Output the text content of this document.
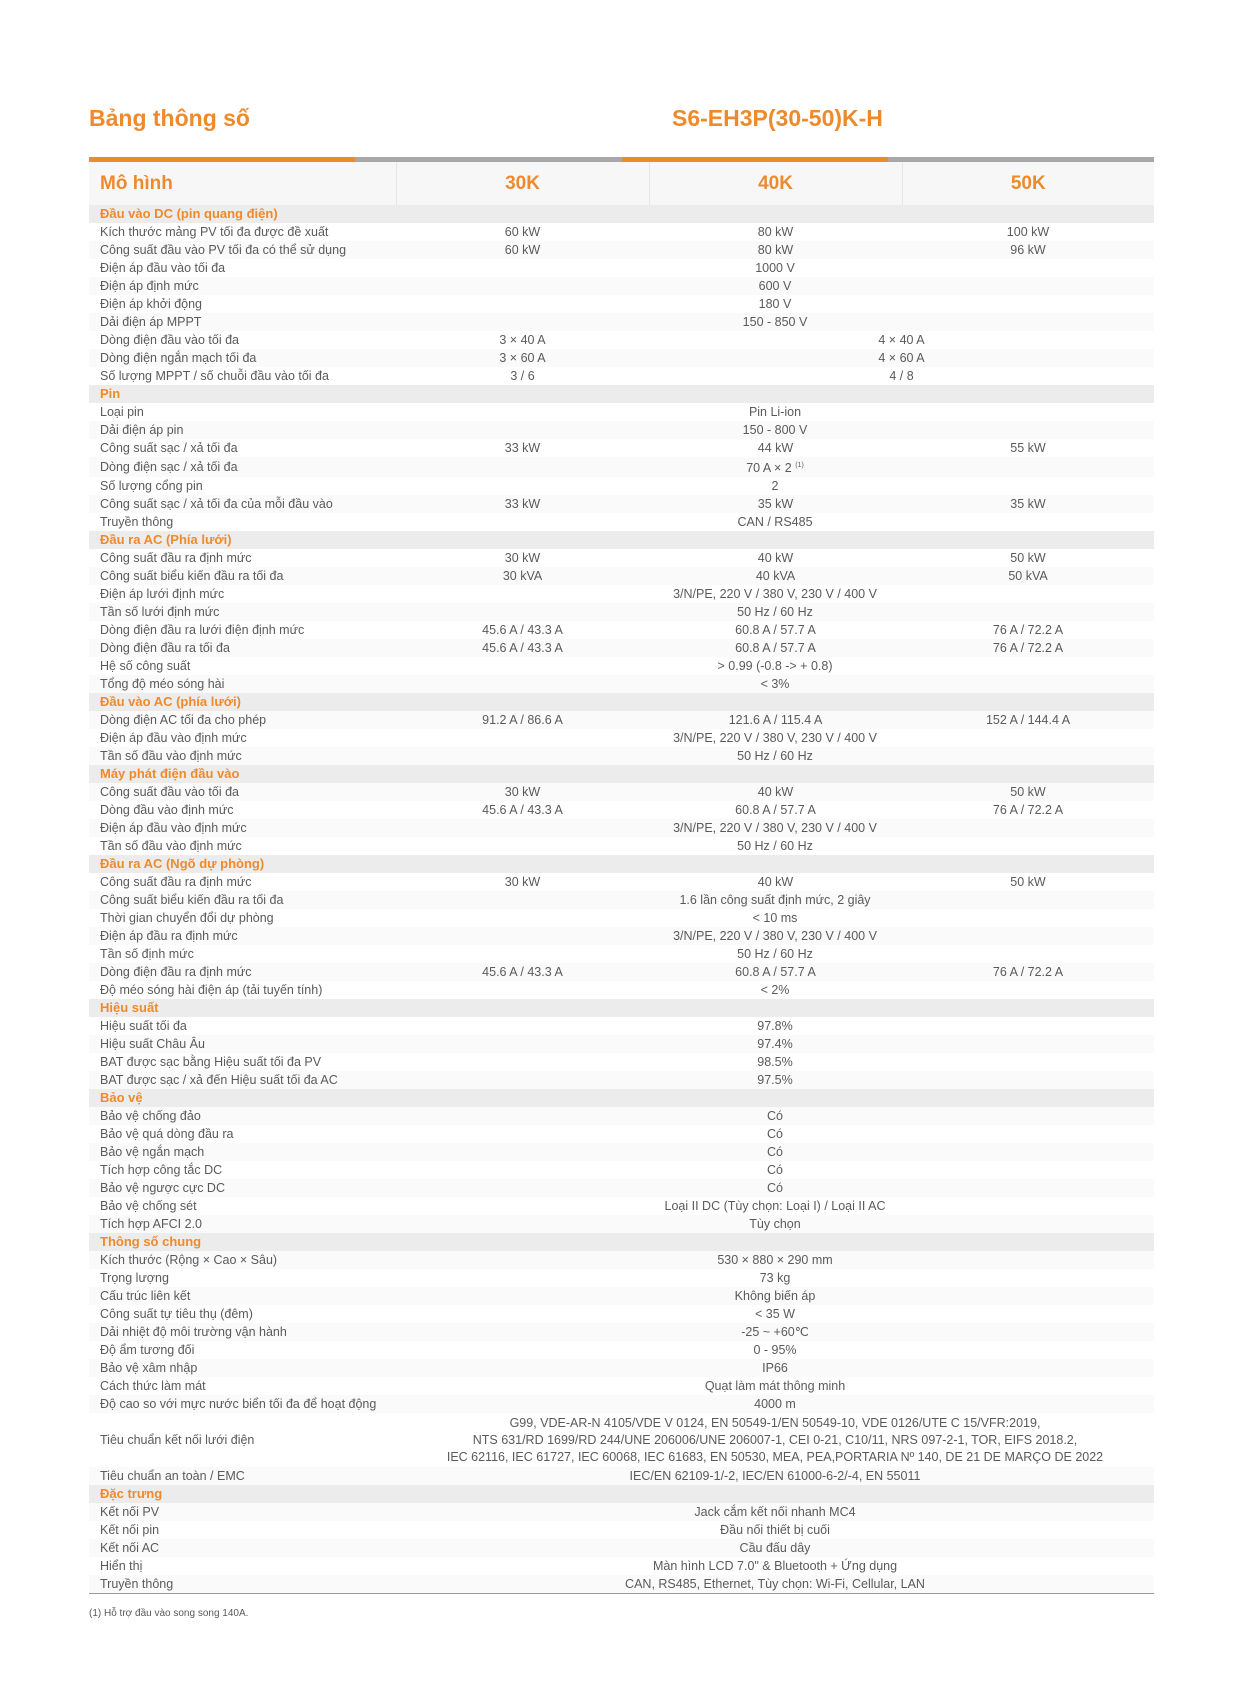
Bảng thông số	S6-EH3P(30-50)K-H
Mô hình	30K	40K	50K
Đầu vào DC (pin quang điện)			
Kích thước mảng PV tối đa được đề xuất	60 kW	80 kW	100 kW
Công suất đầu vào PV tối đa có thể sử dụng	60 kW	80 kW	96 kW
Điện áp đầu vào tối đa	1000 V		
Điện áp định mức	600 V		
Điện áp khởi động	180 V		
Dải điện áp MPPT	150 - 850 V		
Dòng điện đầu vào tối đa	3 × 40 A	4 × 40 A	
Dòng điện ngắn mạch tối đa	3 × 60 A	4 × 60 A	
Số lượng MPPT / số chuỗi đầu vào tối đa	3 / 6	4 / 8	
Pin			
Loại pin	Pin Li-ion		
Dải điện áp pin	150 - 800 V		
Công suất sạc / xả tối đa	33 kW	44 kW	55 kW
Dòng điện sạc / xả tối đa	70 A × 2 $^{(1)}$
Số lượng cổng pin	2		
Công suất sạc / xả tối đa của mỗi đầu vào	33 kW	35 kW	35 kW
Truyền thông	CAN / RS485		
Đầu ra AC (Phía lưới)			
Công suất đầu ra định mức	30 kW	40 kW	50 kW
Công suất biểu kiến đầu ra tối đa	30 kVA	40 kVA	50 kVA
Điện áp lưới định mức	3/N/PE, 220 V / 380 V, 230 V / 400 V		
Tần số lưới định mức	50 Hz / 60 Hz		
Dòng điện đầu ra lưới điện định mức	45.6 A / 43.3 A	60.8 A / 57.7 A	76 A / 72.2 A
Dòng điện đầu ra tối đa	45.6 A / 43.3 A	60.8 A / 57.7 A	76 A / 72.2 A
Hệ số công suất	> 0.99 (-0.8 -> + 0.8)		
Tổng độ méo sóng hài	< 3%		
Đầu vào AC (phía lưới)			
Dòng điện AC tối đa cho phép	91.2 A / 86.6 A	121.6 A / 115.4 A	152 A / 144.4 A
Điện áp đầu vào định mức	3/N/PE, 220 V / 380 V, 230 V / 400 V		
Tần số đầu vào định mức	50 Hz / 60 Hz		
Máy phát điện đầu vào			
Công suất đầu vào tối đa	30 kW	40 kW	50 kW
Dòng đầu vào định mức	45.6 A / 43.3 A	60.8 A / 57.7 A	76 A / 72.2 A
Điện áp đầu vào định mức	3/N/PE, 220 V / 380 V, 230 V / 400 V		
Tần số đầu vào định mức	50 Hz / 60 Hz		
Đầu ra AC (Ngõ dự phòng)			
Công suất đầu ra định mức	30 kW	40 kW	50 kW
Công suất biểu kiến đầu ra tối đa	1.6 lần công suất định mức, 2 giây		
Thời gian chuyển đổi dự phòng	< 10 ms		
Điện áp đầu ra định mức	3/N/PE, 220 V / 380 V, 230 V / 400 V		
Tần số định mức	50 Hz / 60 Hz		
Dòng điện đầu ra định mức	45.6 A / 43.3 A	60.8 A / 57.7 A	76 A / 72.2 A
Độ méo sóng hài điện áp (tải tuyến tính)	< 2%		
Hiệu suất			
Hiệu suất tối đa	97.8%		
Hiệu suất Châu Âu	97.4%		
BAT được sạc bằng Hiệu suất tối đa PV	98.5%		
BAT được sạc / xả đến Hiệu suất tối đa AC	97.5%		
Bảo vệ			
Bảo vệ chống đảo	Có		
Bảo vệ quá dòng đầu ra	Có		
Bảo vệ ngắn mạch	Có		
Tích hợp công tắc DC	Có		
Bảo vệ ngược cực DC	Có		
Bảo vệ chống sét	Loại II DC (Tùy chọn: Loại I) / Loại II AC		
Tích hợp AFCI 2.0	Tùy chọn		
Thông số chung			
Kích thước (Rộng × Cao × Sâu)	530 × 880 × 290 mm		
Trọng lượng	73 kg		
Cấu trúc liên kết	Không biến áp		
Công suất tự tiêu thụ (đêm)	< 35 W		
Dải nhiệt độ môi trường vận hành	-25 ~ +60℃		
Độ ẩm tương đối	0 - 95%		
Bảo vệ xâm nhập	IP66		
Cách thức làm mát	Quạt làm mát thông minh		
Độ cao so với mực nước biển tối đa để hoạt động	4000 m		
Tiêu chuẩn kết nối lưới điện	G99, VDE-AR-N 4105/VDE V 0124, EN 50549-1/EN 50549-10, VDE 0126/UTE C 15/VFR:2019,
NTS 631/RD 1699/RD 244/UNE 206006/UNE 206007-1, CEI 0-21, C10/11, NRS 097-2-1, TOR, EIFS 2018.2,
IEC 62116, IEC 61727, IEC 60068, IEC 61683, EN 50530, MEA, PEA,PORTARIA Nº 140, DE 21 DE MARÇO DE 2022		

Tiêu chuẩn an toàn / EMC	IEC/EN 62109-1/-2, IEC/EN 61000-6-2/-4, EN 55011		
Đặc trưng			
Kết nối PV	Jack cắm kết nối nhanh MC4		
Kết nối pin	Đầu nối thiết bị cuối		
Kết nối AC	Cầu đấu dây		
Hiển thị	Màn hình LCD 7.0" & Bluetooth + Ứng dụng		
Truyền thông	CAN, RS485, Ethernet, Tùy chọn: Wi-Fi, Cellular, LAN		
(1) Hỗ trợ đầu vào song song 140A.
